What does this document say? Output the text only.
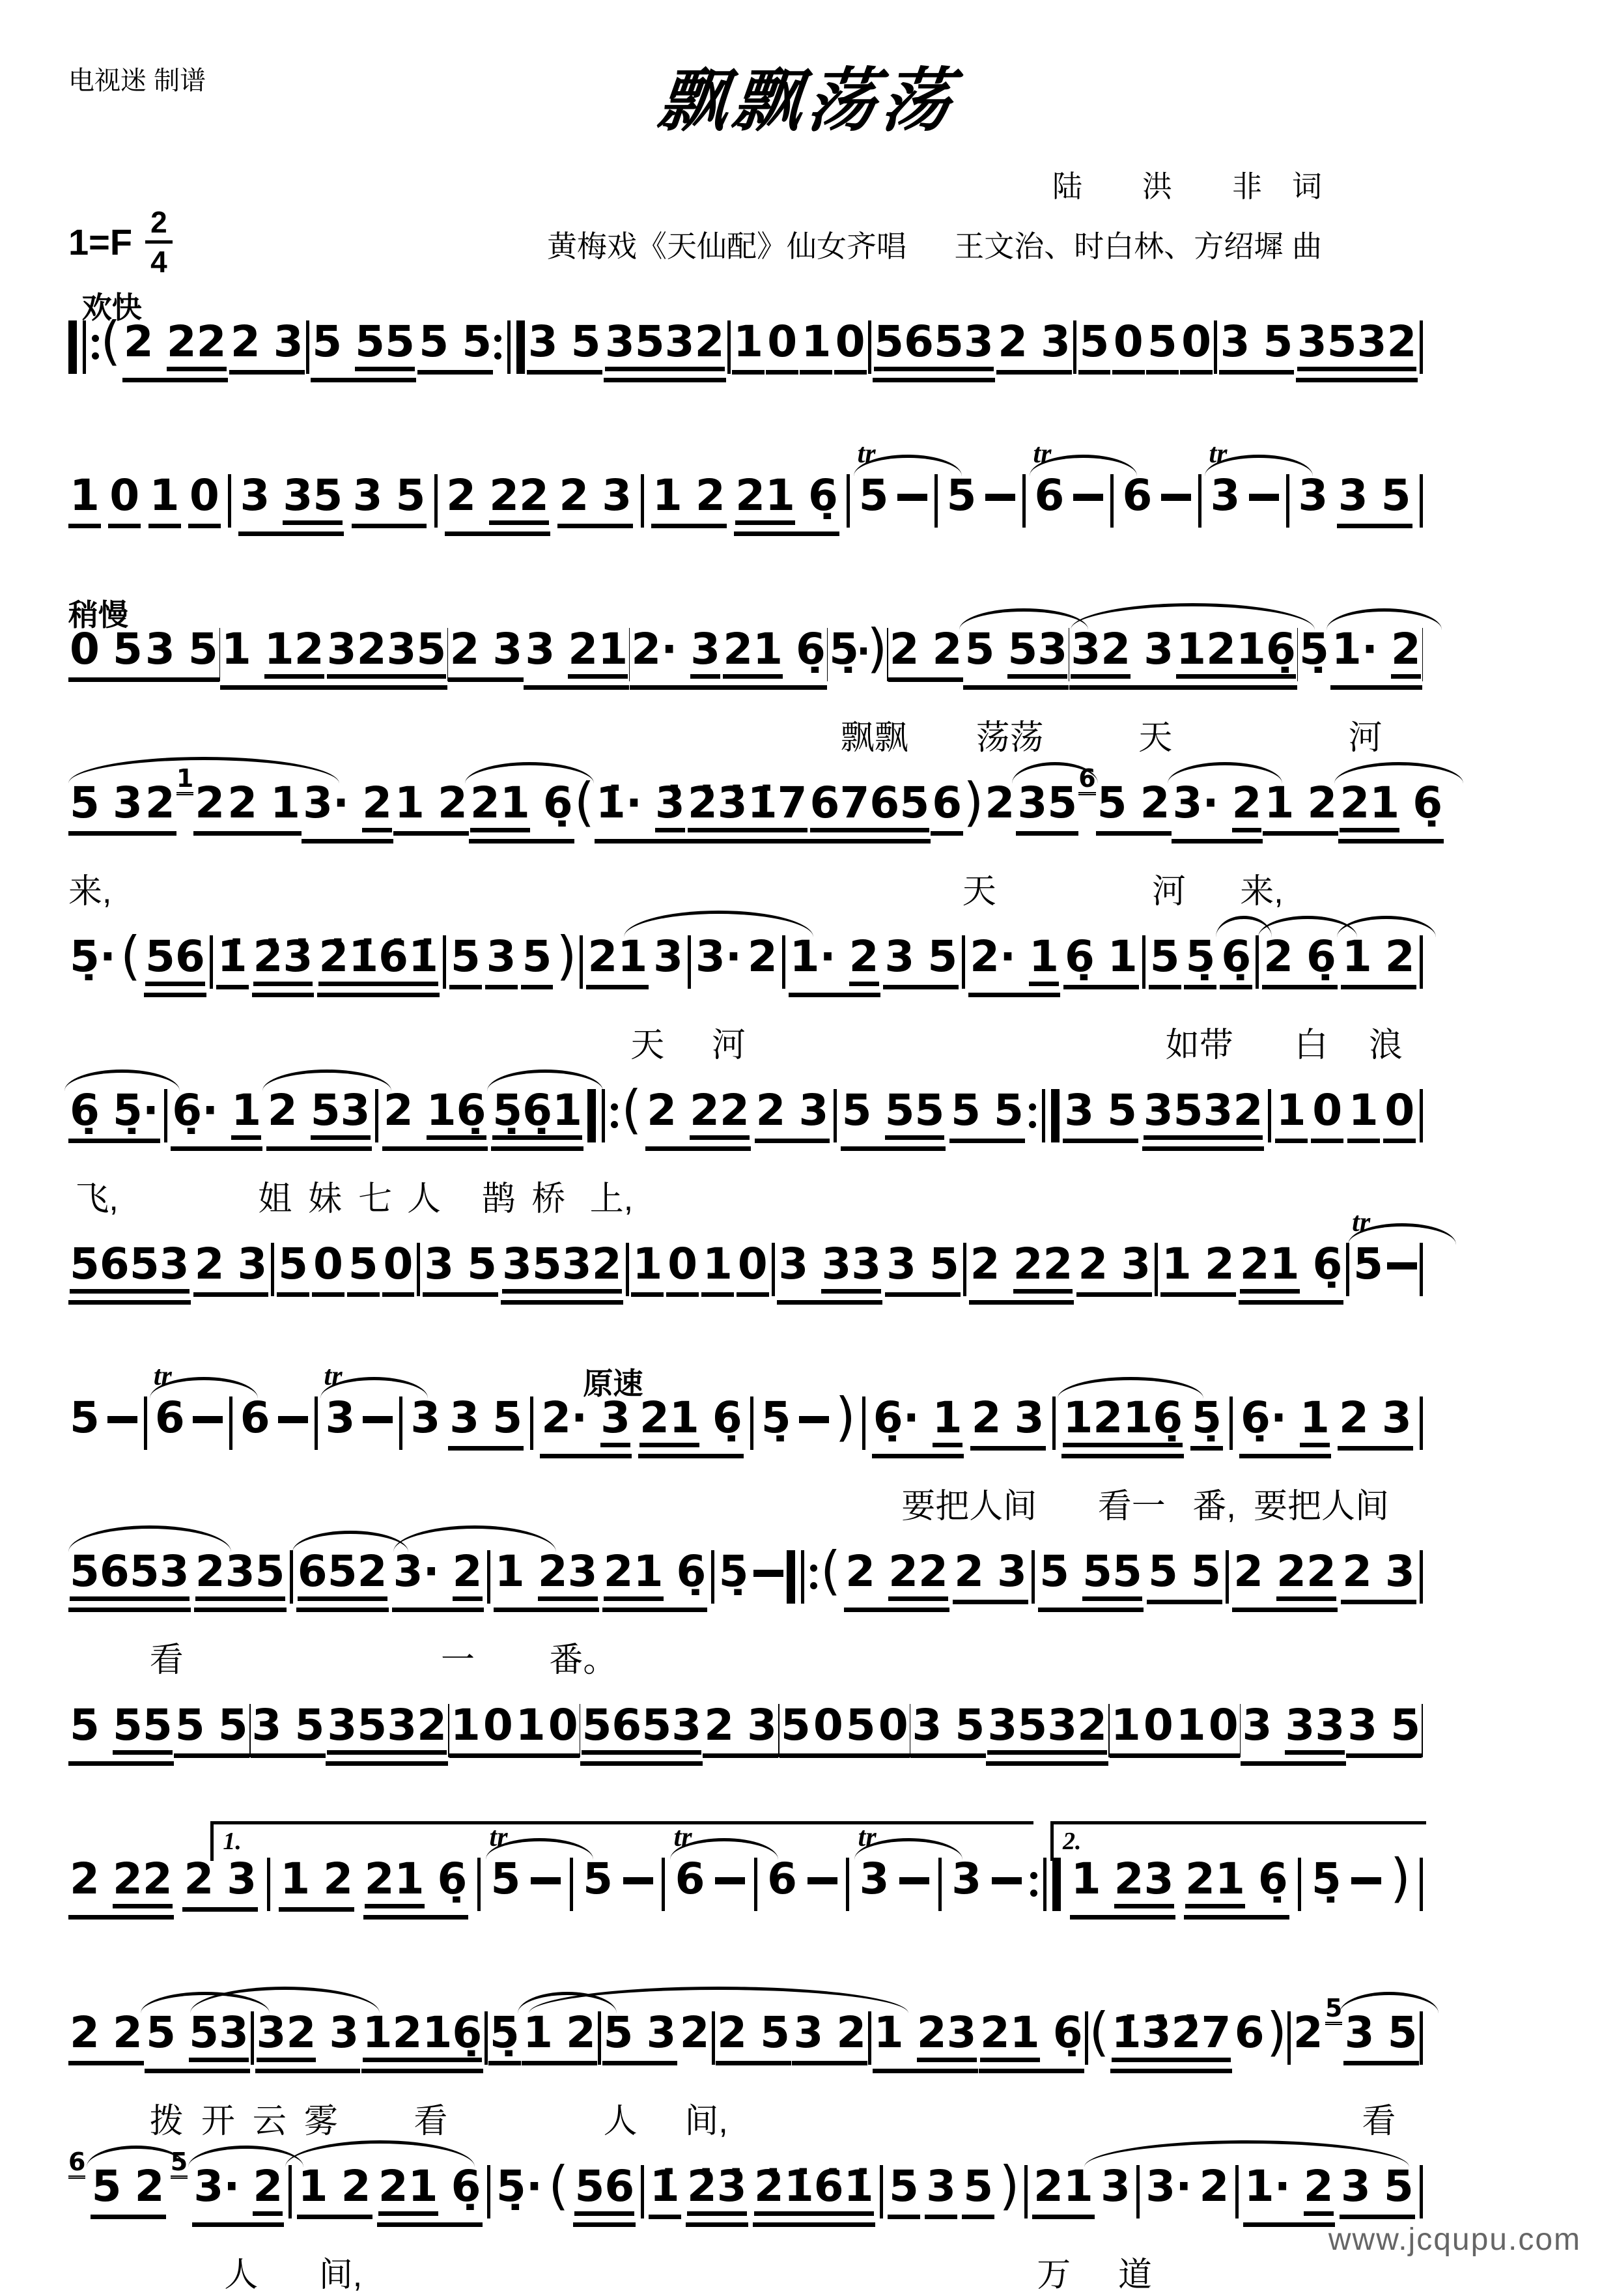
电视迷 制谱	飘飘荡荡
陆　　洪　　非　词
黄梅戏《天仙配》仙女齐唱 王文治、时白林、方绍墀 曲
$1=F \frac{2}{4}$
欢快
( 2 22 2 3 5 55 5 5 3 5 3532 1 0 1 0 5653 2 3 5 0 5 0 3 5 3532
1 0 1 0 3 35 3 5 2 22 2 3 1 2 21 6̣ 5
tr
5 6
tr
6 3
tr
3 3 5
稍慢
0 5 3 5 1 12 3235 2 3 3 21 2· 3 21 6̣ 5̣ ) 2 2 5 53 32 3 1216̣ 5̣ 1· 2
飘飘 荡荡	天	河
5 3 2 1 2 2 1 3· 2 1 2 21 6̣ ( 1̇· 3̇ 2̇3̇1̇7 6765 6 ) 2 35 6 5 2 3· 2 1 2 21 6̣
来,	天	河 来,
5̣· ( 56 1̇ 2̇3̇ 2̇1̇6̇1̇ 5 3 5 ) 21 3 3· 2 1· 2 3 5 2· 1 6̣ 1 5 5̣ 6̣ 2 6̣ 1 2
天 河	如带 白 浪
6̣ 5̣· 6̣· 1 2 53 2 16̣ 5̣6̣1 ( 2 22 2 3 5 55 5 5 3 5 3532 1 0 1 0
飞,	姐 妹 七 人 鹊 桥 上,
5653 2 3 5 0 5 0 3 5 3532 1 0 1 0 3 33 3 5 2 22 2 3 1 2 21 6̣ 5
tr
原速
5 6
tr
6 3
tr
3 3 5 2· 3 21 6̣ 5̣ ) 6̣· 1 2 3 1216̣ 5̣ 6̣· 1 2 3
要把人间 看一 番, 要把人间
5653 235 652 3· 2 1 23 21 6̣ 5̣ ( 2 22 2 3 5 55 5 5 2 22 2 3
看	一 番。
5 55 5 5 3 5 3532 1 0 1 0 5653 2 3 5 0 5 0 3 5 3532 1 0 1 0 3 33 3 5
1.	2.
2 22 2 3 1 2 21 6̣ 5
tr
5 6
tr
6 3
tr
3 1 23 21 6̣ 5̣ )
2 2 5 53 32 3 1216̣ 5̣ 1 2 5 3 2 2 5 3 2 1 23 21 6̣ ( 1̇3̇2̇7 6 ) 2 5 3 5
拨 开 云 雾 看	人 间,	看
6 5 2 5 3· 2 1 2 21 6̣ 5̣· ( 56 1̇ 2̇3̇ 2̇1̇6̇1̇ 5 3 5 ) 21 3 3· 2 1· 2 3 5
人 间,	万 道
www.jcqupu.com
